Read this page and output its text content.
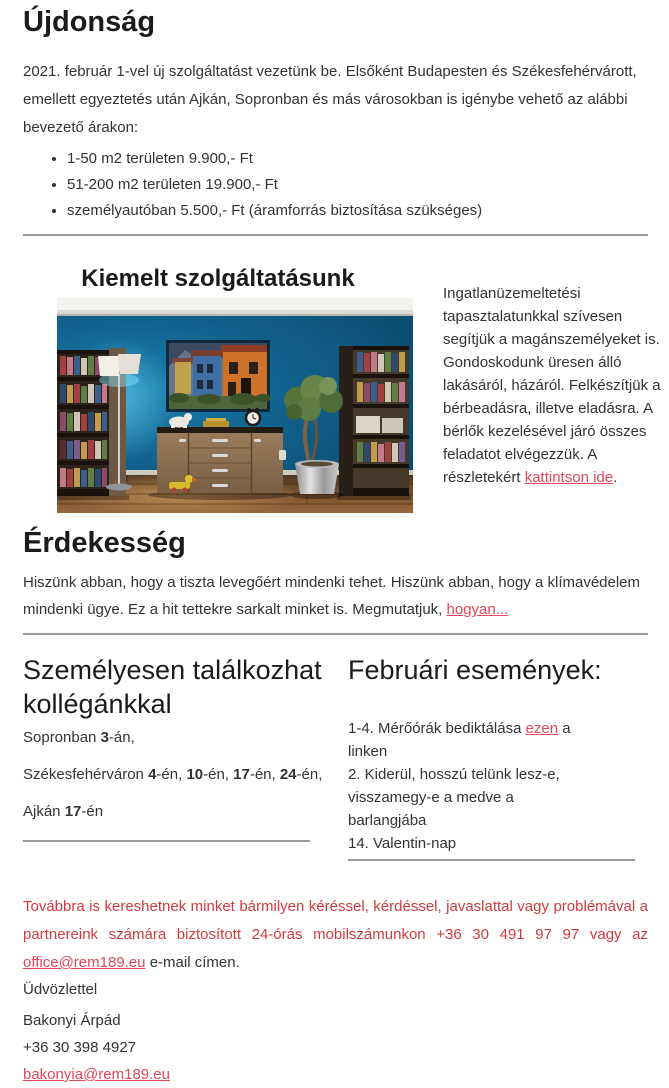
Újdonság

2021. február 1-vel új szolgáltatást vezetünk be. Elsőként Budapesten és Székesfehérvárott, emellett egyeztetés után Ajkán, Sopronban és más városokban is igénybe vehető az alábbi bevezető árakon:

• 1-50 m2 területen 9.900,- Ft
• 51-200 m2 területen 19.900,- Ft
• személyautóban 5.500,- Ft (áramforrás biztosítása szükséges)
Kiemelt szolgáltatásunk
Ingatlanüzemeltetési tapasztalatunkkal szívesen segítjük a magánszemélyeket is. Gondoskodunk üresen álló lakásáról, házáról. Felkészítjük a bérbeadásra, illetve eladásra. A bérlők kezelésével járó összes feladatot elvégezzük. A részletekért kattintson ide.
Érdekesség

Hiszünk abban, hogy a tiszta levegőért mindenki tehet. Hiszünk abban, hogy a klímavédelem mindenki ügye. Ez a hit tettekre sarkalt minket is. Megmutatjuk, hogyan...

Személyesen találkozhat kollégánkkal

Sopronban 3-án,

Székesfehérváron 4-én, 10-én, 17-én, 24-én,

Ajkán 17-én

Februári események:

1-4. Mérőórák bediktálása ezen a linken

2. Kiderül, hosszú telünk lesz-e, visszamegy-e a medve a barlangjába

14. Valentin-nap

Továbbra is kereshetnek minket bármilyen kéréssel, kérdéssel, javaslattal vagy problémával a partnereink számára biztosított 24-órás mobilszámunkon +36 30 491 97 97 vagy az office@rem189.eu e-mail címen.

Üdvözlettel

Bakonyi Árpád

+36 30 398 4927

bakonyia@rem189.eu
